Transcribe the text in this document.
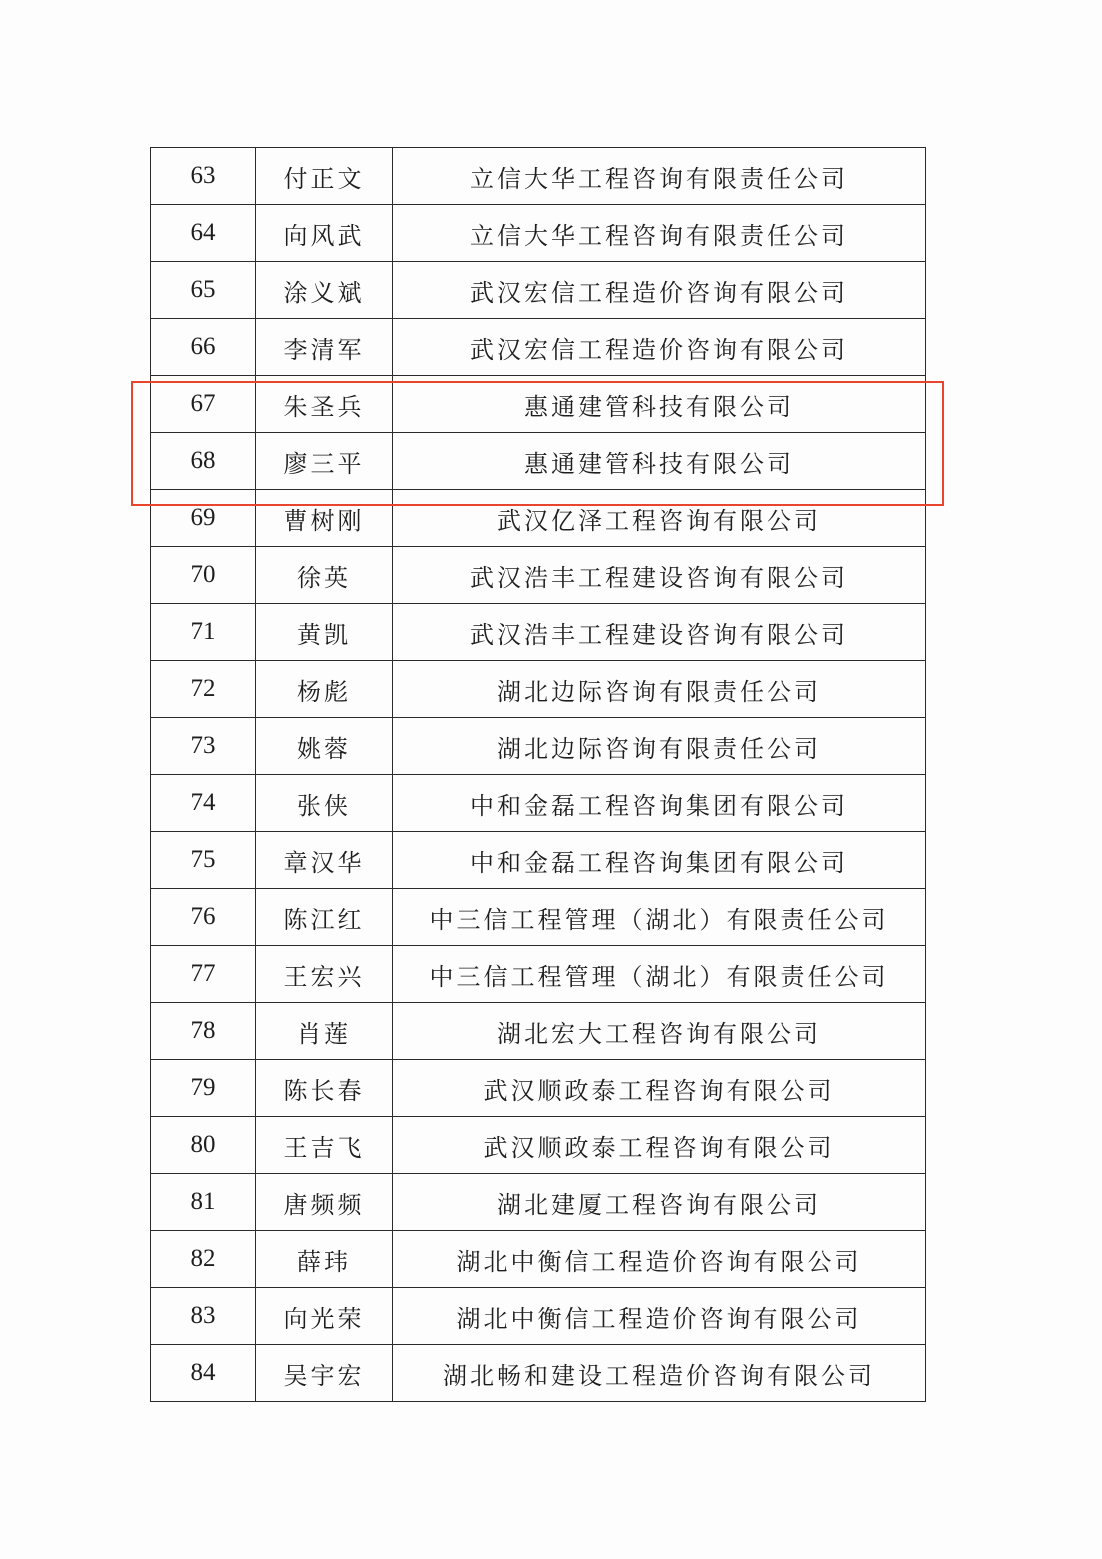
63	付正文	立信大华工程咨询有限责任公司
64	向风武	立信大华工程咨询有限责任公司
65	涂义斌	武汉宏信工程造价咨询有限公司
66	李清军	武汉宏信工程造价咨询有限公司
67	朱圣兵	惠通建管科技有限公司
68	廖三平	惠通建管科技有限公司
69	曹树刚	武汉亿泽工程咨询有限公司
70	徐英	武汉浩丰工程建设咨询有限公司
71	黄凯	武汉浩丰工程建设咨询有限公司
72	杨彪	湖北边际咨询有限责任公司
73	姚蓉	湖北边际咨询有限责任公司
74	张侠	中和金磊工程咨询集团有限公司
75	章汉华	中和金磊工程咨询集团有限公司
76	陈江红	中三信工程管理（湖北）有限责任公司
77	王宏兴	中三信工程管理（湖北）有限责任公司
78	肖莲	湖北宏大工程咨询有限公司
79	陈长春	武汉顺政泰工程咨询有限公司
80	王吉飞	武汉顺政泰工程咨询有限公司
81	唐频频	湖北建厦工程咨询有限公司
82	薛玮	湖北中衡信工程造价咨询有限公司
83	向光荣	湖北中衡信工程造价咨询有限公司
84	吴宇宏	湖北畅和建设工程造价咨询有限公司
